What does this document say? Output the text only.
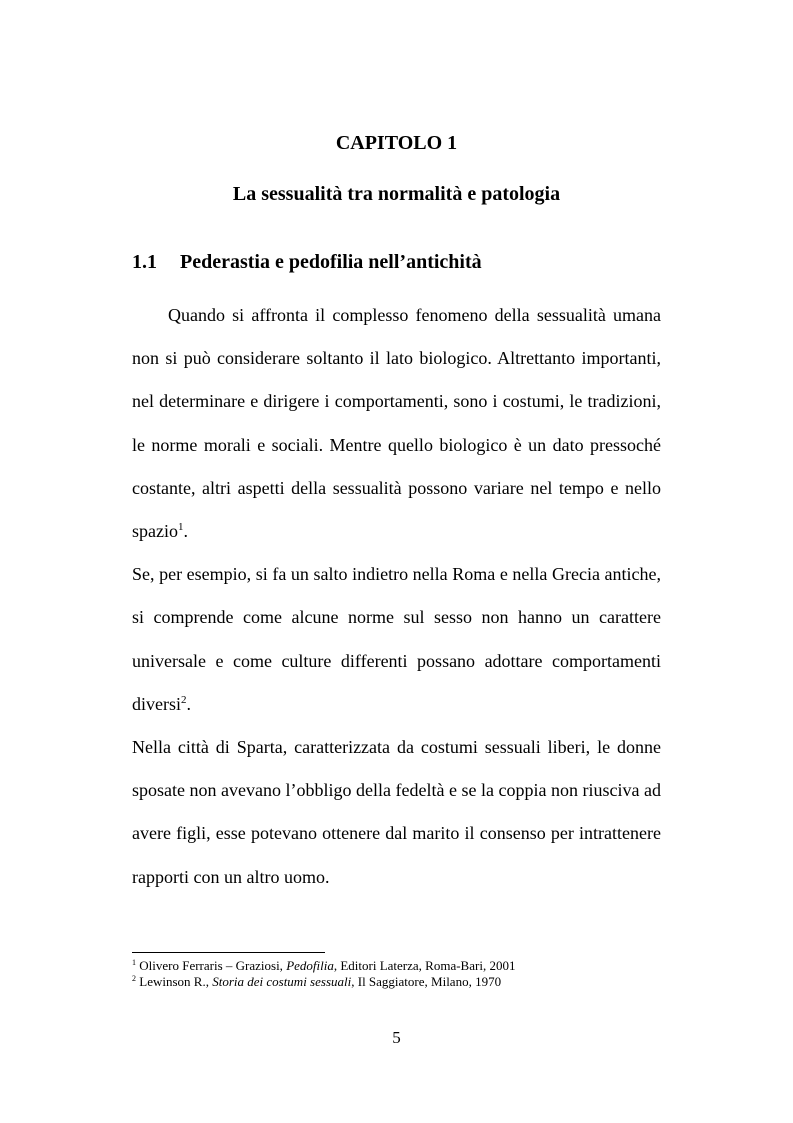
CAPITOLO 1
La sessualità tra normalità e patologia
1.1 Pederastia e pedofilia nell’antichità

Quando si affronta il complesso fenomeno della sessualità umana non si può considerare soltanto il lato biologico. Altrettanto importanti, nel determinare e dirigere i comportamenti, sono i costumi, le tradizioni, le norme morali e sociali. Mentre quello biologico è un dato pressoché costante, altri aspetti della sessualità possono variare nel tempo e nello spazio$^1$.

Se, per esempio, si fa un salto indietro nella Roma e nella Grecia antiche, si comprende come alcune norme sul sesso non hanno un carattere universale e come culture differenti possano adottare comportamenti diversi$^2$.

Nella città di Sparta, caratterizzata da costumi sessuali liberi, le donne sposate non avevano l’obbligo della fedeltà e se la coppia non riusciva ad avere figli, esse potevano ottenere dal marito il consenso per intrattenere rapporti con un altro uomo.

$^1$ Olivero Ferraris – Graziosi, Pedofilia, Editori Laterza, Roma-Bari, 2001
$^2$ Lewinson R., Storia dei costumi sessuali, Il Saggiatore, Milano, 1970
5
